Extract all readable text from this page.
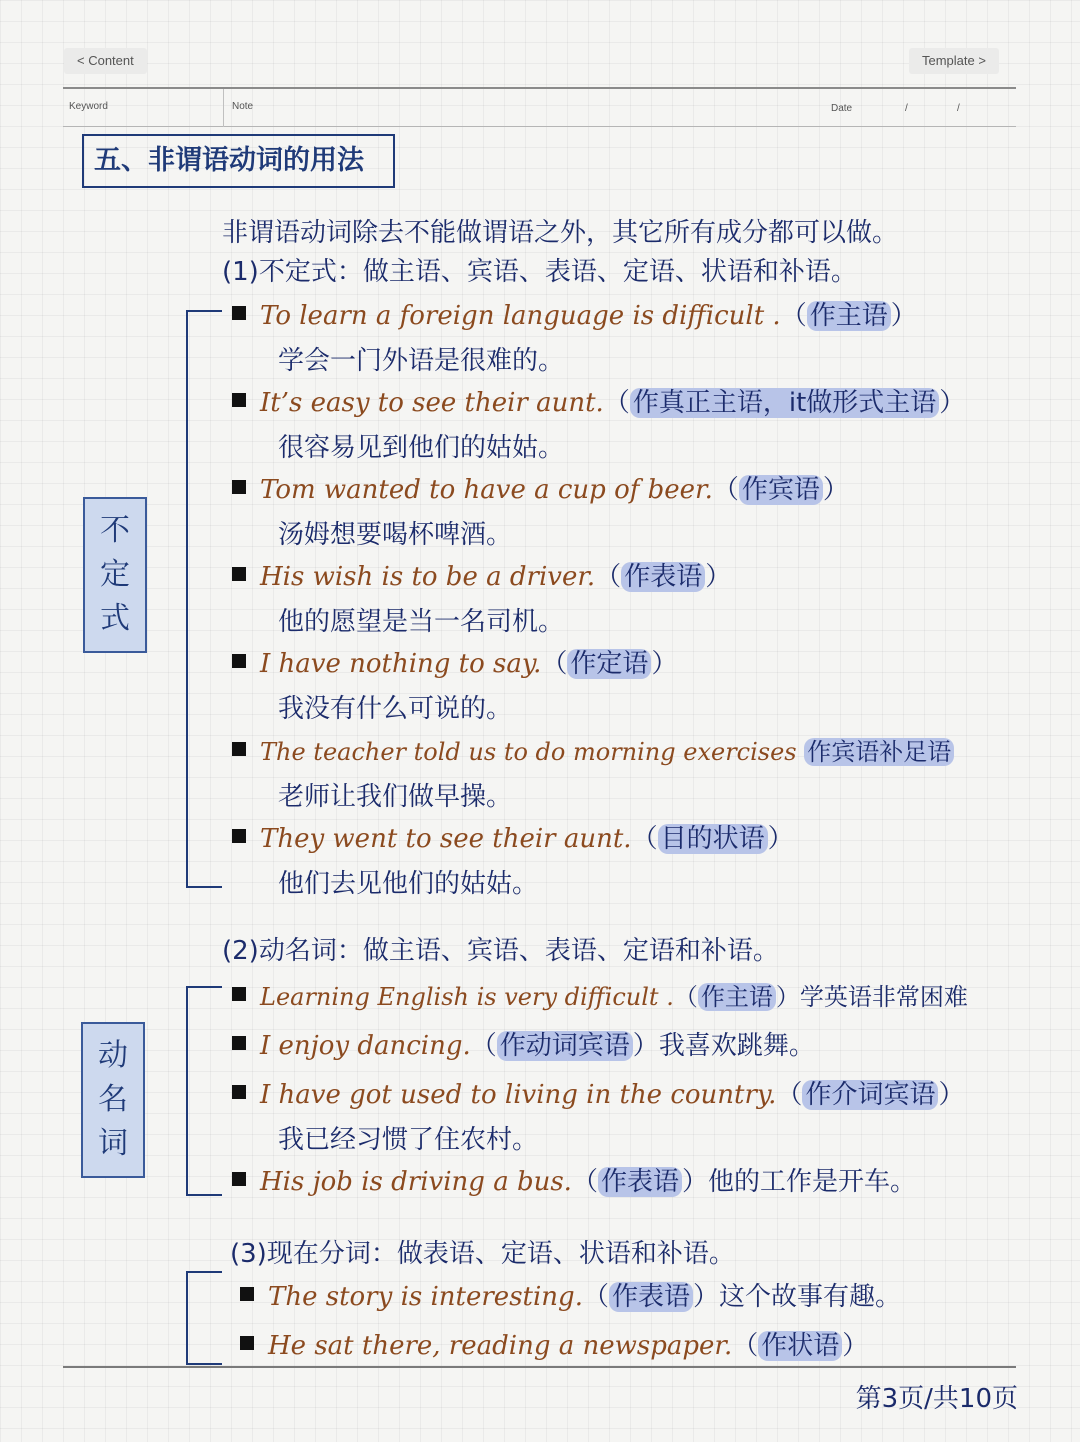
< Content	Template >
Keyword	Note	Date	/	/
五、非谓语动词的用法
非谓语动词除去不能做谓语之外，其它所有成分都可以做。
(1)不定式：做主语、宾语、表语、定语、状语和补语。
不
定
式
To learn a foreign language is difficult .（ 作主语 ）
学会一门外语是很难的。
It’s easy to see their aunt.（ 作真正主语，it做形式主语 ）
很容易见到他们的姑姑。
Tom wanted to have a cup of beer.（ 作宾语 ）
汤姆想要喝杯啤酒。
His wish is to be a driver.（ 作表语 ）
他的愿望是当一名司机。
I have nothing to say.（ 作定语 ）
我没有什么可说的。
The teacher told us to do morning exercises 作宾语补足语
老师让我们做早操。
They went to see their aunt.（ 目的状语 ）
他们去见他们的姑姑。
(2)动名词：做主语、宾语、表语、定语和补语。
动
名
词
Learning English is very difficult .（ 作主语 ）学英语非常困难
I enjoy dancing.（ 作动词宾语 ）我喜欢跳舞。
I have got used to living in the country.（ 作介词宾语 ）
我已经习惯了住农村。
His job is driving a bus.（ 作表语 ）他的工作是开车。
(3)现在分词：做表语、定语、状语和补语。
The story is interesting.（ 作表语 ）这个故事有趣。
He sat there, reading a newspaper.（ 作状语 ）
第3页/共10页
